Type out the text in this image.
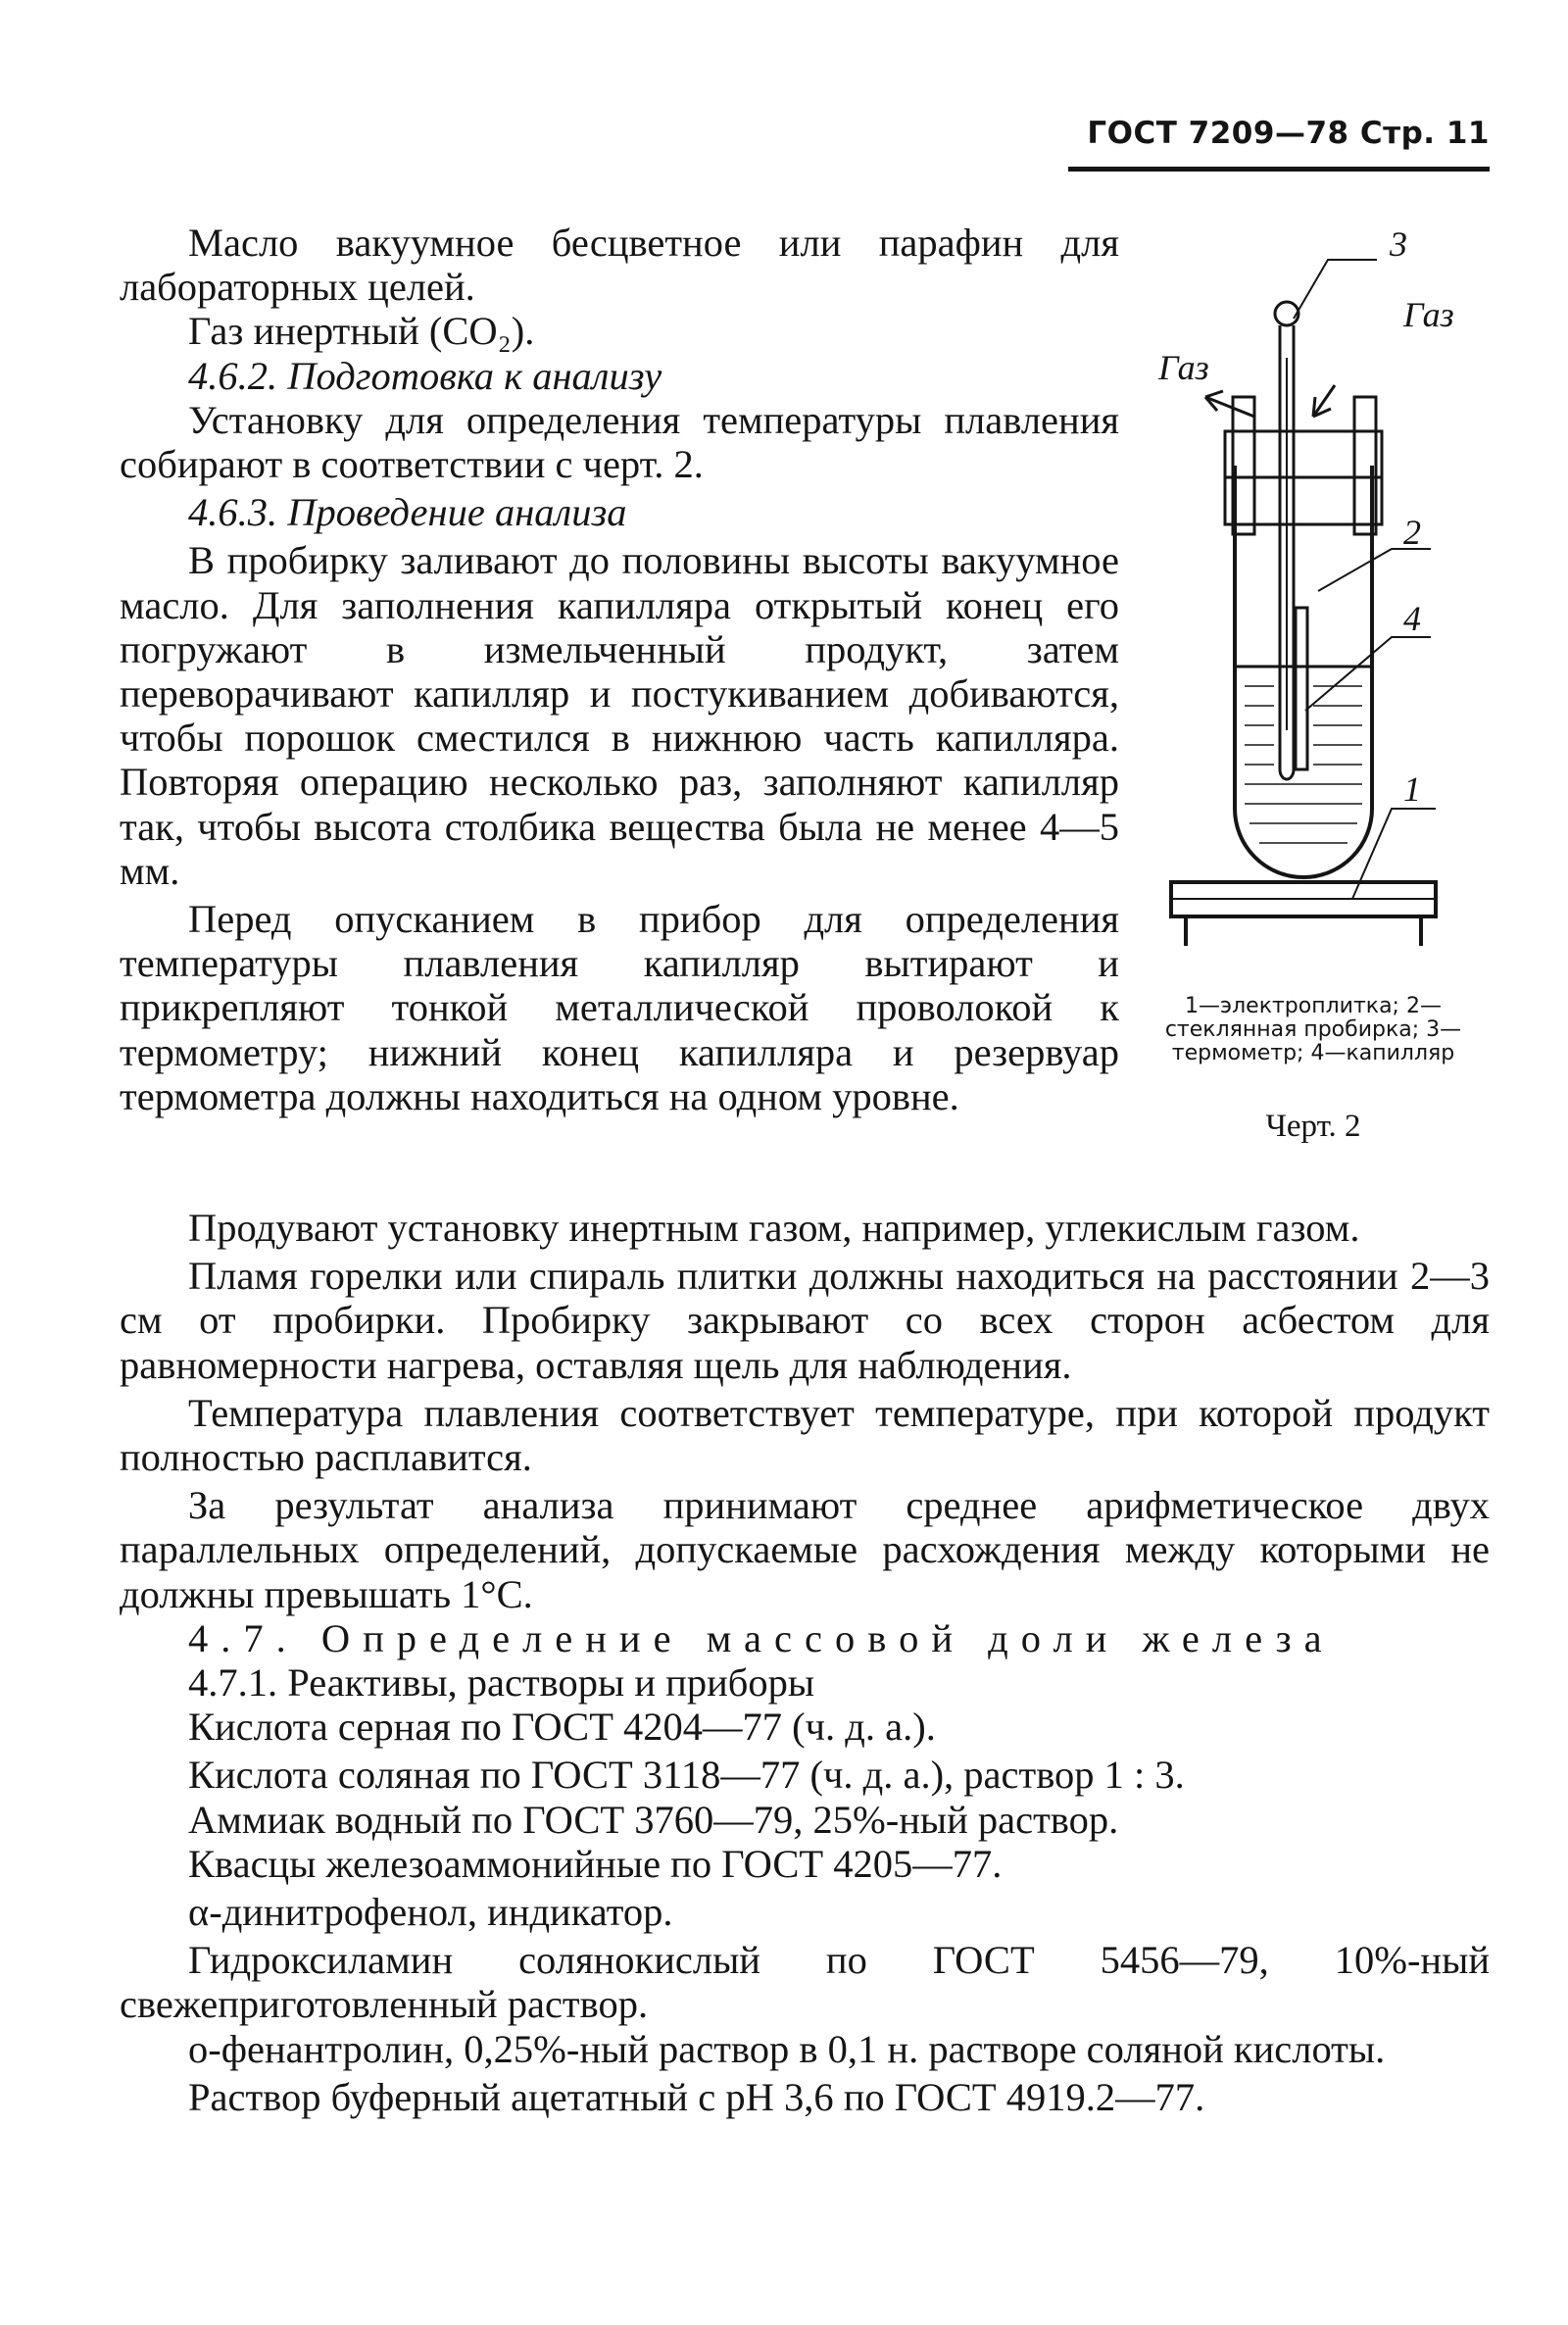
ГОСТ 7209—78 Стр. 11

Масло вакуумное бесцветное или парафин для лабораторных целей.

Газ инертный (CO₂).

4.6.2. Подготовка к анализу

Установку для определения температуры плавления собирают в соответствии с черт. 2.

4.6.3. Проведение анализа

В пробирку заливают до половины высоты вакуумное масло. Для заполнения капилляра открытый конец его погружают в измельченный продукт, затем переворачивают капилляр и постукиванием добиваются, чтобы порошок сместился в нижнюю часть капилляра. Повторяя операцию несколько раз, заполняют капилляр так, чтобы высота столбика вещества была не менее 4—5 мм.

Перед опусканием в прибор для определения температуры плавления капилляр вытирают и прикрепляют тонкой металлической проволокой к термометру; нижний конец капилляра и резервуар термометра должны находиться на одном уровне.

3
Газ
Газ
2
4
1
1—электроплитка; 2—стеклянная пробирка; 3—термометр; 4—капилляр
Черт. 2

Продувают установку инертным газом, например, углекислым газом.

Пламя горелки или спираль плитки должны находиться на расстоянии 2—3 см от пробирки. Пробирку закрывают со всех сторон асбестом для равномерности нагрева, оставляя щель для наблюдения.

Температура плавления соответствует температуре, при которой продукт полностью расплавится.

За результат анализа принимают среднее арифметическое двух параллельных определений, допускаемые расхождения между которыми не должны превышать 1°С.

4.7. Определение массовой доли железа

4.7.1. Реактивы, растворы и приборы

Кислота серная по ГОСТ 4204—77 (ч. д. а.).

Кислота соляная по ГОСТ 3118—77 (ч. д. а.), раствор 1 : 3.

Аммиак водный по ГОСТ 3760—79, 25%-ный раствор.

Квасцы железоаммонийные по ГОСТ 4205—77.

α-динитрофенол, индикатор.

Гидроксиламин солянокислый по ГОСТ 5456—79, 10%-ный свежеприготовленный раствор.

о-фенантролин, 0,25%-ный раствор в 0,1 н. растворе соляной кислоты.

Раствор буферный ацетатный с рН 3,6 по ГОСТ 4919.2—77.
